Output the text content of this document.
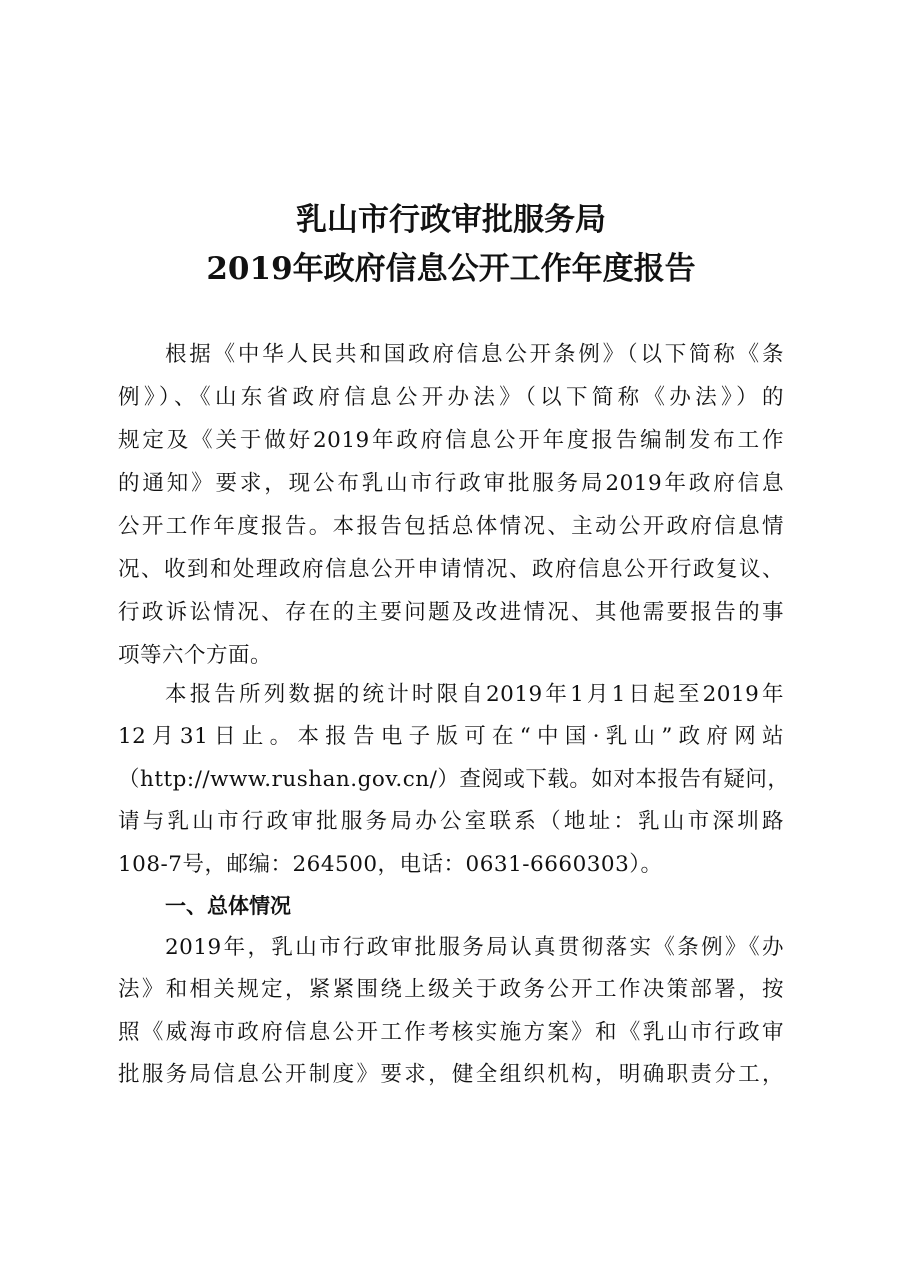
乳山市行政审批服务局
2019年政府信息公开工作年度报告

根据《中华人民共和国政府信息公开条例》（以下简称《条

例》）、《山东省政府信息公开办法》（以下简称《办法》）的

规定及《关于做好2019年政府信息公开年度报告编制发布工作

的通知》要求，现公布乳山市行政审批服务局2019年政府信息

公开工作年度报告。本报告包括总体情况、主动公开政府信息情

况、收到和处理政府信息公开申请情况、政府信息公开行政复议、

行政诉讼情况、存在的主要问题及改进情况、其他需要报告的事

项等六个方面。

本报告所列数据的统计时限自2019年1月1日起至2019年

12月31日止。本报告电子版可在“中国·乳山”政府网站

（http://www.rushan.gov.cn/）查阅或下载。如对本报告有疑问，

请与乳山市行政审批服务局办公室联系（地址：乳山市深圳路

108-7号，邮编：264500，电话：0631-6660303）。

一、总体情况

2019年，乳山市行政审批服务局认真贯彻落实《条例》《办

法》和相关规定，紧紧围绕上级关于政务公开工作决策部署，按

照《威海市政府信息公开工作考核实施方案》和《乳山市行政审

批服务局信息公开制度》要求，健全组织机构，明确职责分工，
